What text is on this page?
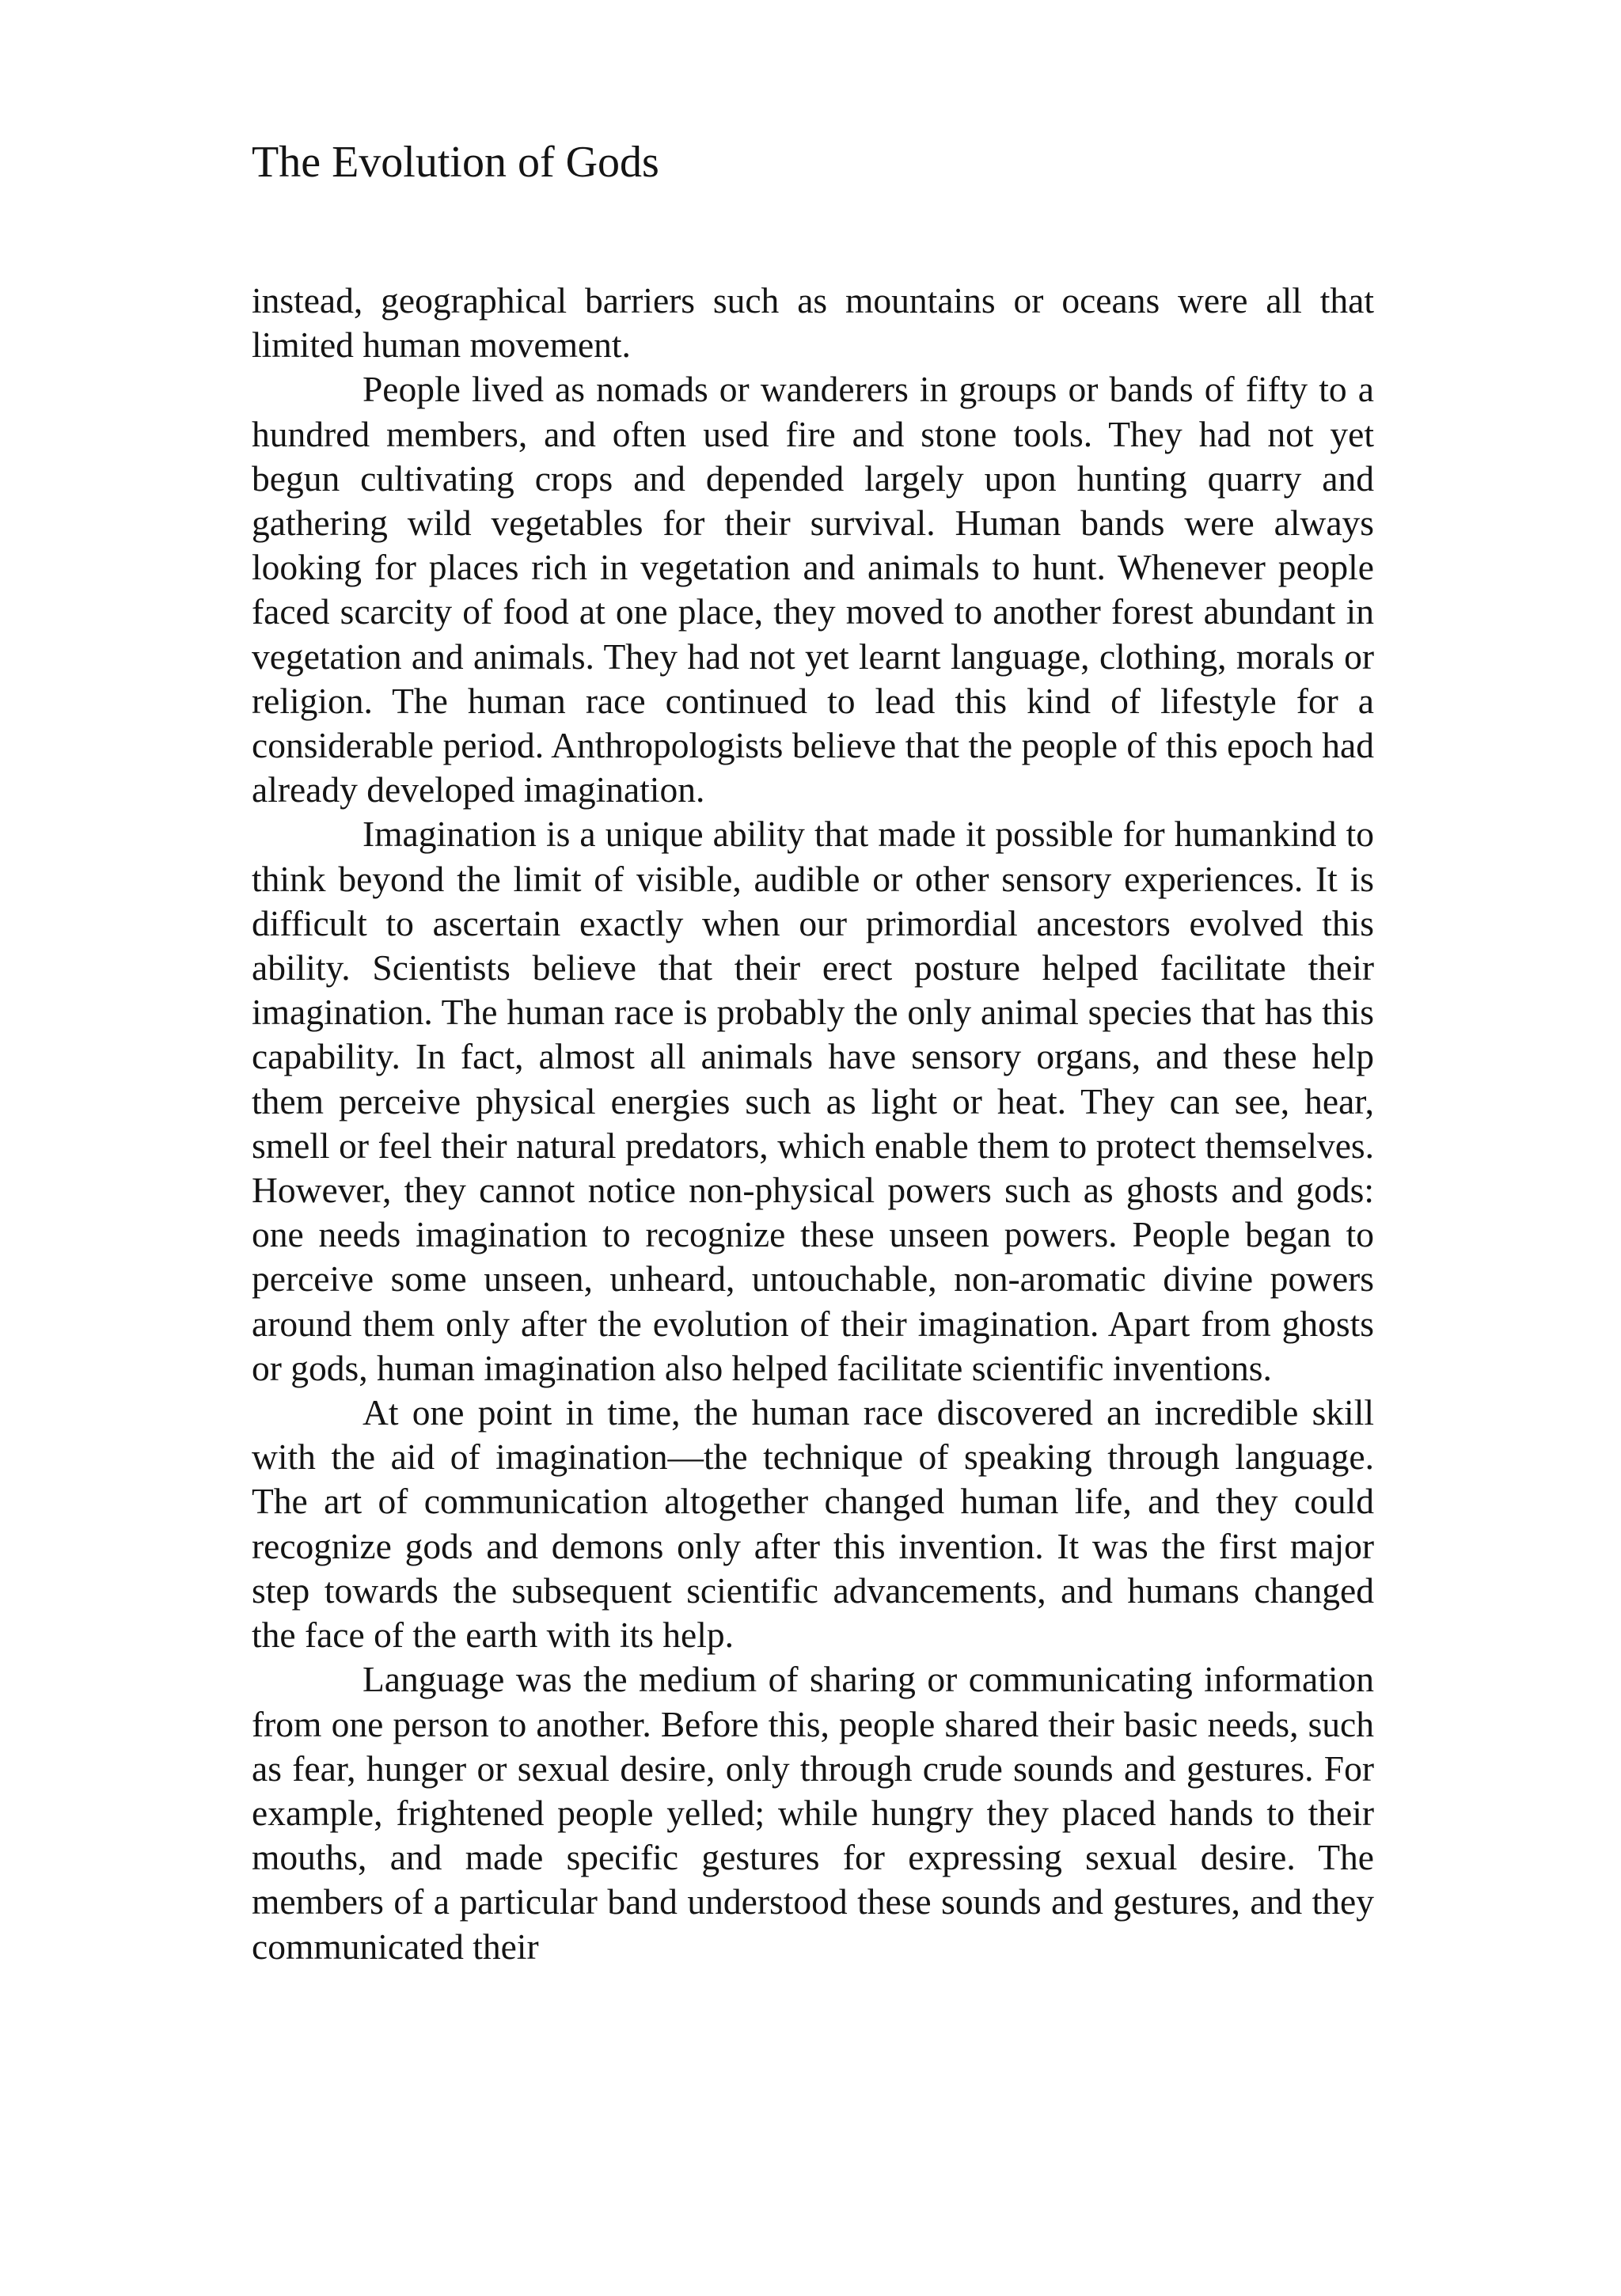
The Evolution of Gods

instead, geographical barriers such as mountains or oceans were all that limited human movement.

People lived as nomads or wanderers in groups or bands of fifty to a hundred members, and often used fire and stone tools. They had not yet begun cultivating crops and depended largely upon hunting quarry and gathering wild vegetables for their survival. Human bands were always looking for places rich in vegetation and animals to hunt. Whenever people faced scarcity of food at one place, they moved to another forest abundant in vegetation and animals. They had not yet learnt language, clothing, morals or religion. The human race continued to lead this kind of lifestyle for a considerable period. Anthropologists believe that the people of this epoch had already developed imagination.

Imagination is a unique ability that made it possible for humankind to think beyond the limit of visible, audible or other sensory experiences. It is difficult to ascertain exactly when our primordial ancestors evolved this ability. Scientists believe that their erect posture helped facilitate their imagination. The human race is probably the only animal species that has this capability. In fact, almost all animals have sensory organs, and these help them perceive physical energies such as light or heat. They can see, hear, smell or feel their natural predators, which enable them to protect themselves. However, they cannot notice non-physical powers such as ghosts and gods: one needs imagination to recognize these unseen powers. People began to perceive some unseen, unheard, untouchable, non-aromatic divine powers around them only after the evolution of their imagination. Apart from ghosts or gods, human imagination also helped facilitate scientific inventions.

At one point in time, the human race discovered an incredible skill with the aid of imagination—the technique of speaking through language. The art of communication altogether changed human life, and they could recognize gods and demons only after this invention. It was the first major step towards the subsequent scientific advancements, and humans changed the face of the earth with its help.

Language was the medium of sharing or communicating information from one person to another. Before this, people shared their basic needs, such as fear, hunger or sexual desire, only through crude sounds and gestures. For example, frightened people yelled; while hungry they placed hands to their mouths, and made specific gestures for expressing sexual desire. The members of a particular band understood these sounds and gestures, and they communicated their
